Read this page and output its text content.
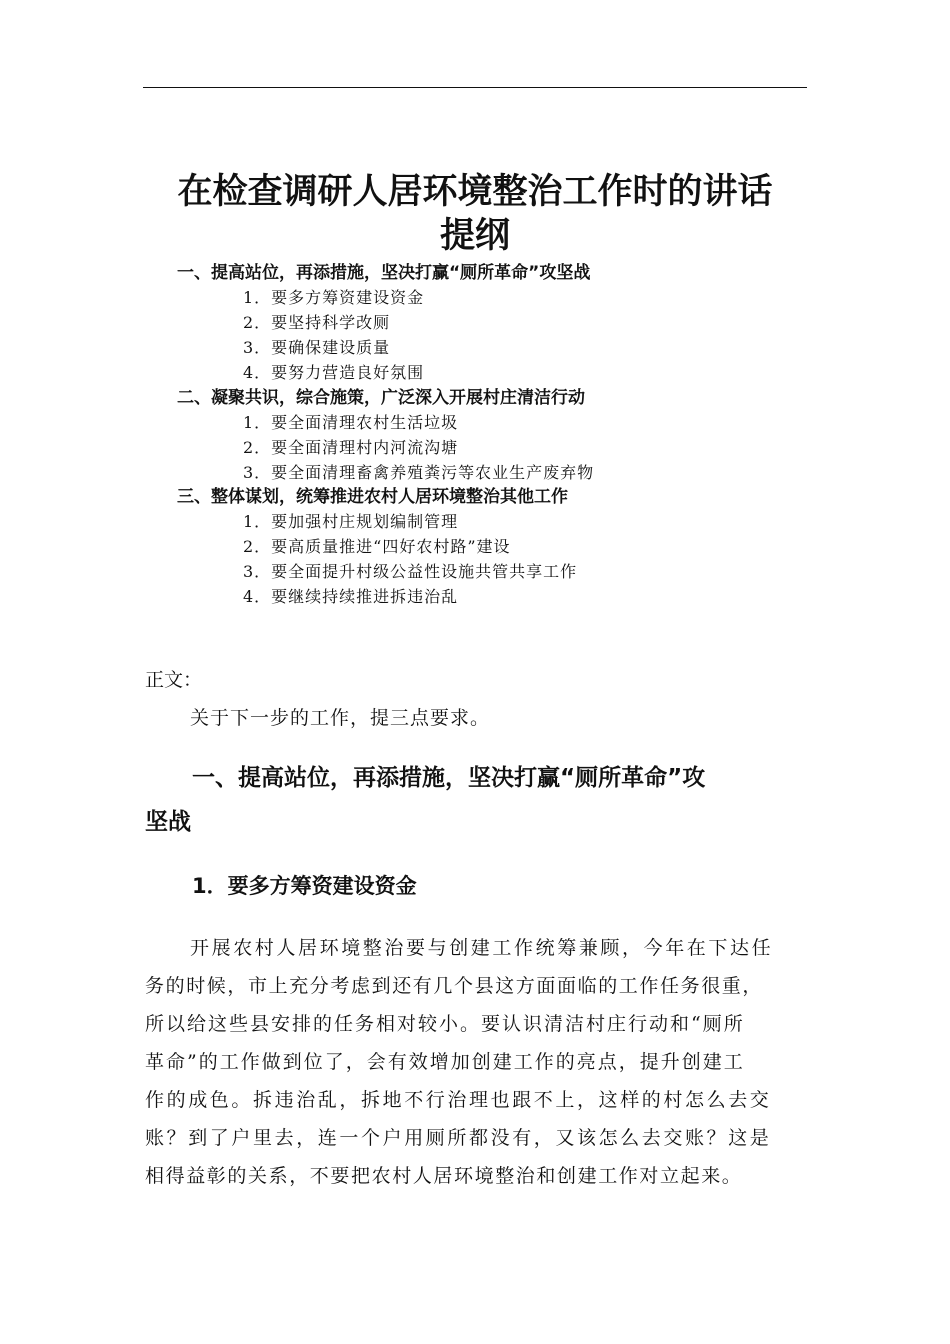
在检查调研人居环境整治工作时的讲话
提纲
一、提高站位，再添措施，坚决打赢“厕所革命”攻坚战
1．要多方筹资建设资金
2．要坚持科学改厕
3．要确保建设质量
4．要努力营造良好氛围
二、凝聚共识，综合施策，广泛深入开展村庄清洁行动
1．要全面清理农村生活垃圾
2．要全面清理村内河流沟塘
3．要全面清理畜禽养殖粪污等农业生产废弃物
三、整体谋划，统筹推进农村人居环境整治其他工作
1．要加强村庄规划编制管理
2．要高质量推进“四好农村路”建设
3．要全面提升村级公益性设施共管共享工作
4．要继续持续推进拆违治乱
正文：
关于下一步的工作，提三点要求。
一、提高站位，再添措施，坚决打赢“厕所革命”攻
坚战
1．要多方筹资建设资金
开展农村人居环境整治要与创建工作统筹兼顾，今年在下达任
务的时候，市上充分考虑到还有几个县这方面面临的工作任务很重，
所以给这些县安排的任务相对较小。要认识清洁村庄行动和“厕所
革命”的工作做到位了，会有效增加创建工作的亮点，提升创建工
作的成色。拆违治乱，拆地不行治理也跟不上，这样的村怎么去交
账？到了户里去，连一个户用厕所都没有，又该怎么去交账？这是
相得益彰的关系，不要把农村人居环境整治和创建工作对立起来。
